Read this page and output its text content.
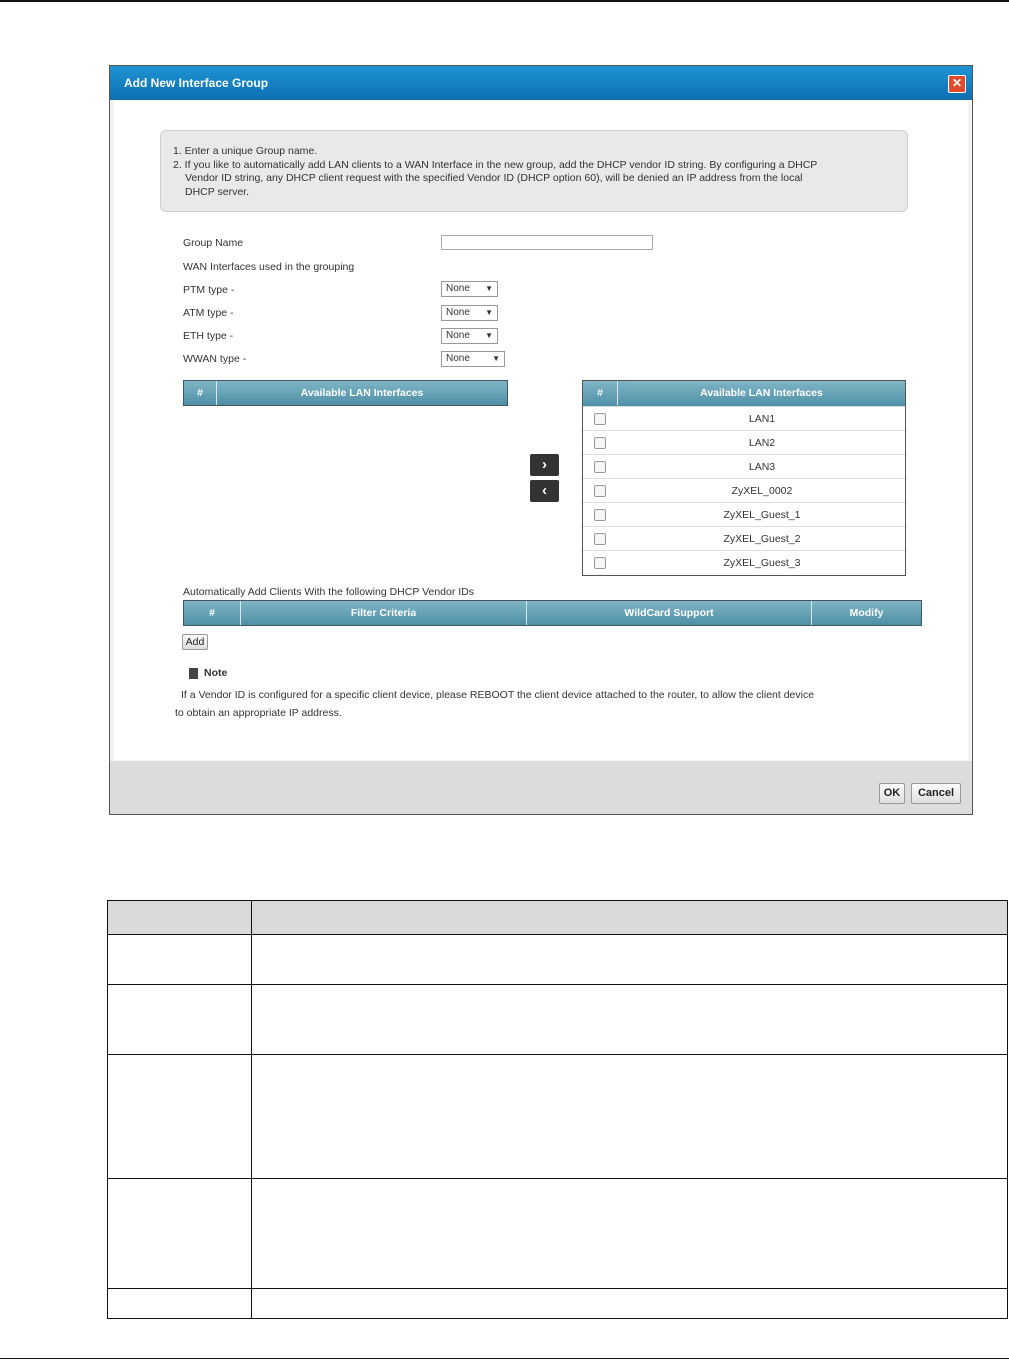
Add New Interface Group	✕
1. Enter a unique Group name.
2. If you like to automatically add LAN clients to a WAN Interface in the new group, add the DHCP vendor ID string. By configuring a DHCP
Vendor ID string, any DHCP client request with the specified Vendor ID (DHCP option 60), will be denied an IP address from the local
DHCP server.
Group Name
WAN Interfaces used in the grouping
PTM type -	None ▼
ATM type -	None ▼
ETH type -	None ▼
WWAN type -	None	▼
#	Available LAN Interfaces
›
‹
#	Available LAN Interfaces
LAN1
LAN2
LAN3
ZyXEL_0002
ZyXEL_Guest_1
ZyXEL_Guest_2
ZyXEL_Guest_3
Automatically Add Clients With the following DHCP Vendor IDs
#	Filter Criteria	WildCard Support	Modify
Add
Note
If a Vendor ID is configured for a specific client device, please REBOOT the client device attached to the router, to allow the client device
to obtain an appropriate IP address.
OK	Cancel
